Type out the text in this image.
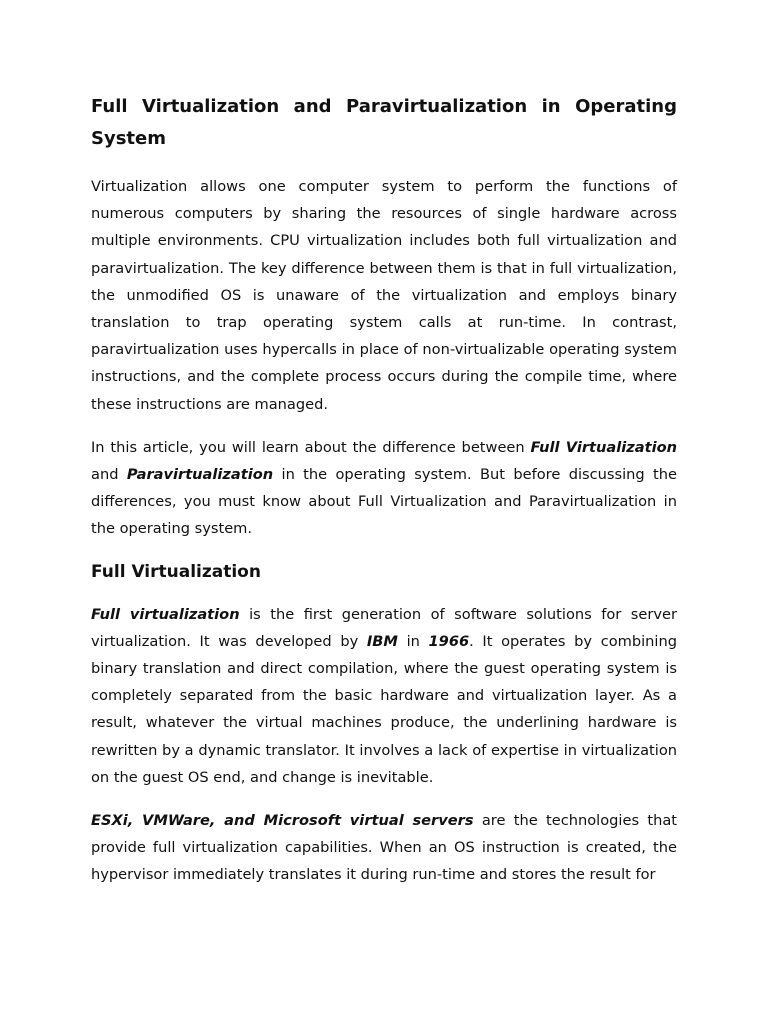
Full Virtualization and Paravirtualization in Operating System

Virtualization allows one computer system to perform the functions of numerous computers by sharing the resources of single hardware across multiple environments. CPU virtualization includes both full virtualization and paravirtualization. The key difference between them is that in full virtualization, the unmodified OS is unaware of the virtualization and employs binary translation to trap operating system calls at run-time. In contrast, paravirtualization uses hypercalls in place of non-virtualizable operating system instructions, and the complete process occurs during the compile time, where these instructions are managed.

In this article, you will learn about the difference between Full Virtualization and Paravirtualization in the operating system. But before discussing the differences, you must know about Full Virtualization and Paravirtualization in the operating system.

Full Virtualization

Full virtualization is the first generation of software solutions for server virtualization. It was developed by IBM in 1966. It operates by combining binary translation and direct compilation, where the guest operating system is completely separated from the basic hardware and virtualization layer. As a result, whatever the virtual machines produce, the underlining hardware is rewritten by a dynamic translator. It involves a lack of expertise in virtualization on the guest OS end, and change is inevitable.

ESXi, VMWare, and Microsoft virtual servers are the technologies that provide full virtualization capabilities. When an OS instruction is created, the hypervisor immediately translates it during run-time and stores the result for
